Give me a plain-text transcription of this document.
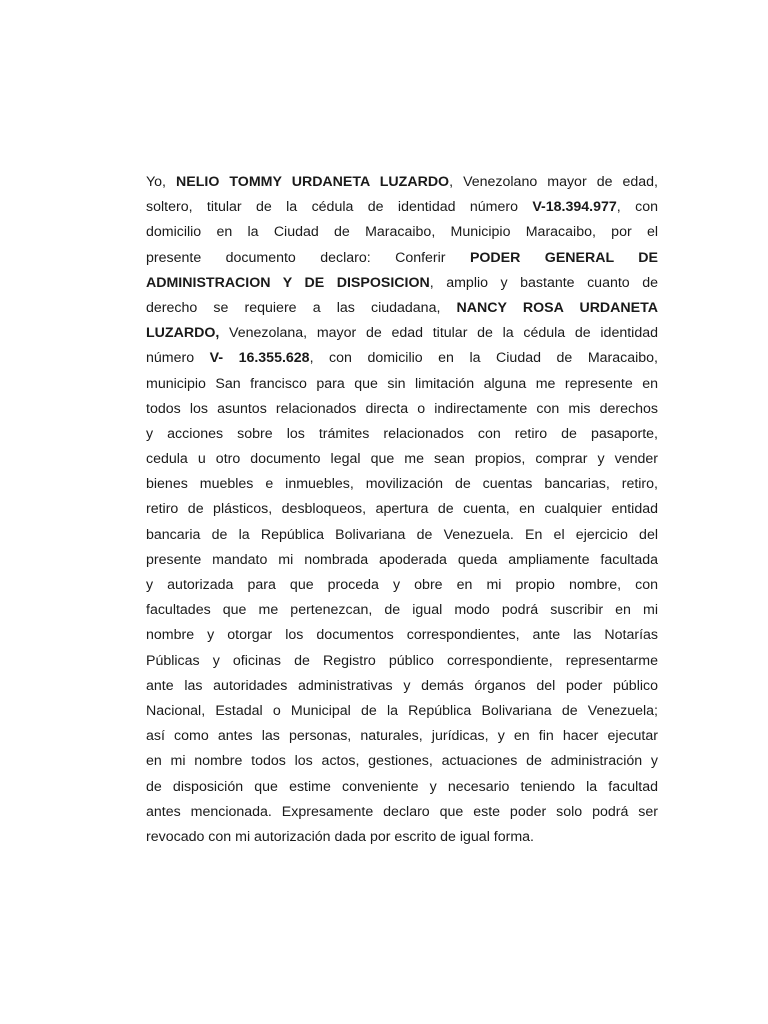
Yo, NELIO TOMMY URDANETA LUZARDO, Venezolano mayor de edad,
soltero, titular de la cédula de identidad número V-18.394.977, con
domicilio en la Ciudad de Maracaibo, Municipio Maracaibo, por el
presente documento declaro: Conferir PODER GENERAL DE
ADMINISTRACION Y DE DISPOSICION, amplio y bastante cuanto de
derecho se requiere a las ciudadana, NANCY ROSA URDANETA
LUZARDO, Venezolana, mayor de edad titular de la cédula de identidad
número V- 16.355.628, con domicilio en la Ciudad de Maracaibo,
municipio San francisco para que sin limitación alguna me represente en
todos los asuntos relacionados directa o indirectamente con mis derechos
y acciones sobre los trámites relacionados con retiro de pasaporte,
cedula u otro documento legal que me sean propios, comprar y vender
bienes muebles e inmuebles, movilización de cuentas bancarias, retiro,
retiro de plásticos, desbloqueos, apertura de cuenta, en cualquier entidad
bancaria de la República Bolivariana de Venezuela. En el ejercicio del
presente mandato mi nombrada apoderada queda ampliamente facultada
y autorizada para que proceda y obre en mi propio nombre, con
facultades que me pertenezcan, de igual modo podrá suscribir en mi
nombre y otorgar los documentos correspondientes, ante las Notarías
Públicas y oficinas de Registro público correspondiente, representarme
ante las autoridades administrativas y demás órganos del poder público
Nacional, Estadal o Municipal de la República Bolivariana de Venezuela;
así como antes las personas, naturales, jurídicas, y en fin hacer ejecutar
en mi nombre todos los actos, gestiones, actuaciones de administración y
de disposición que estime conveniente y necesario teniendo la facultad
antes mencionada. Expresamente declaro que este poder solo podrá ser
revocado con mi autorización dada por escrito de igual forma.
